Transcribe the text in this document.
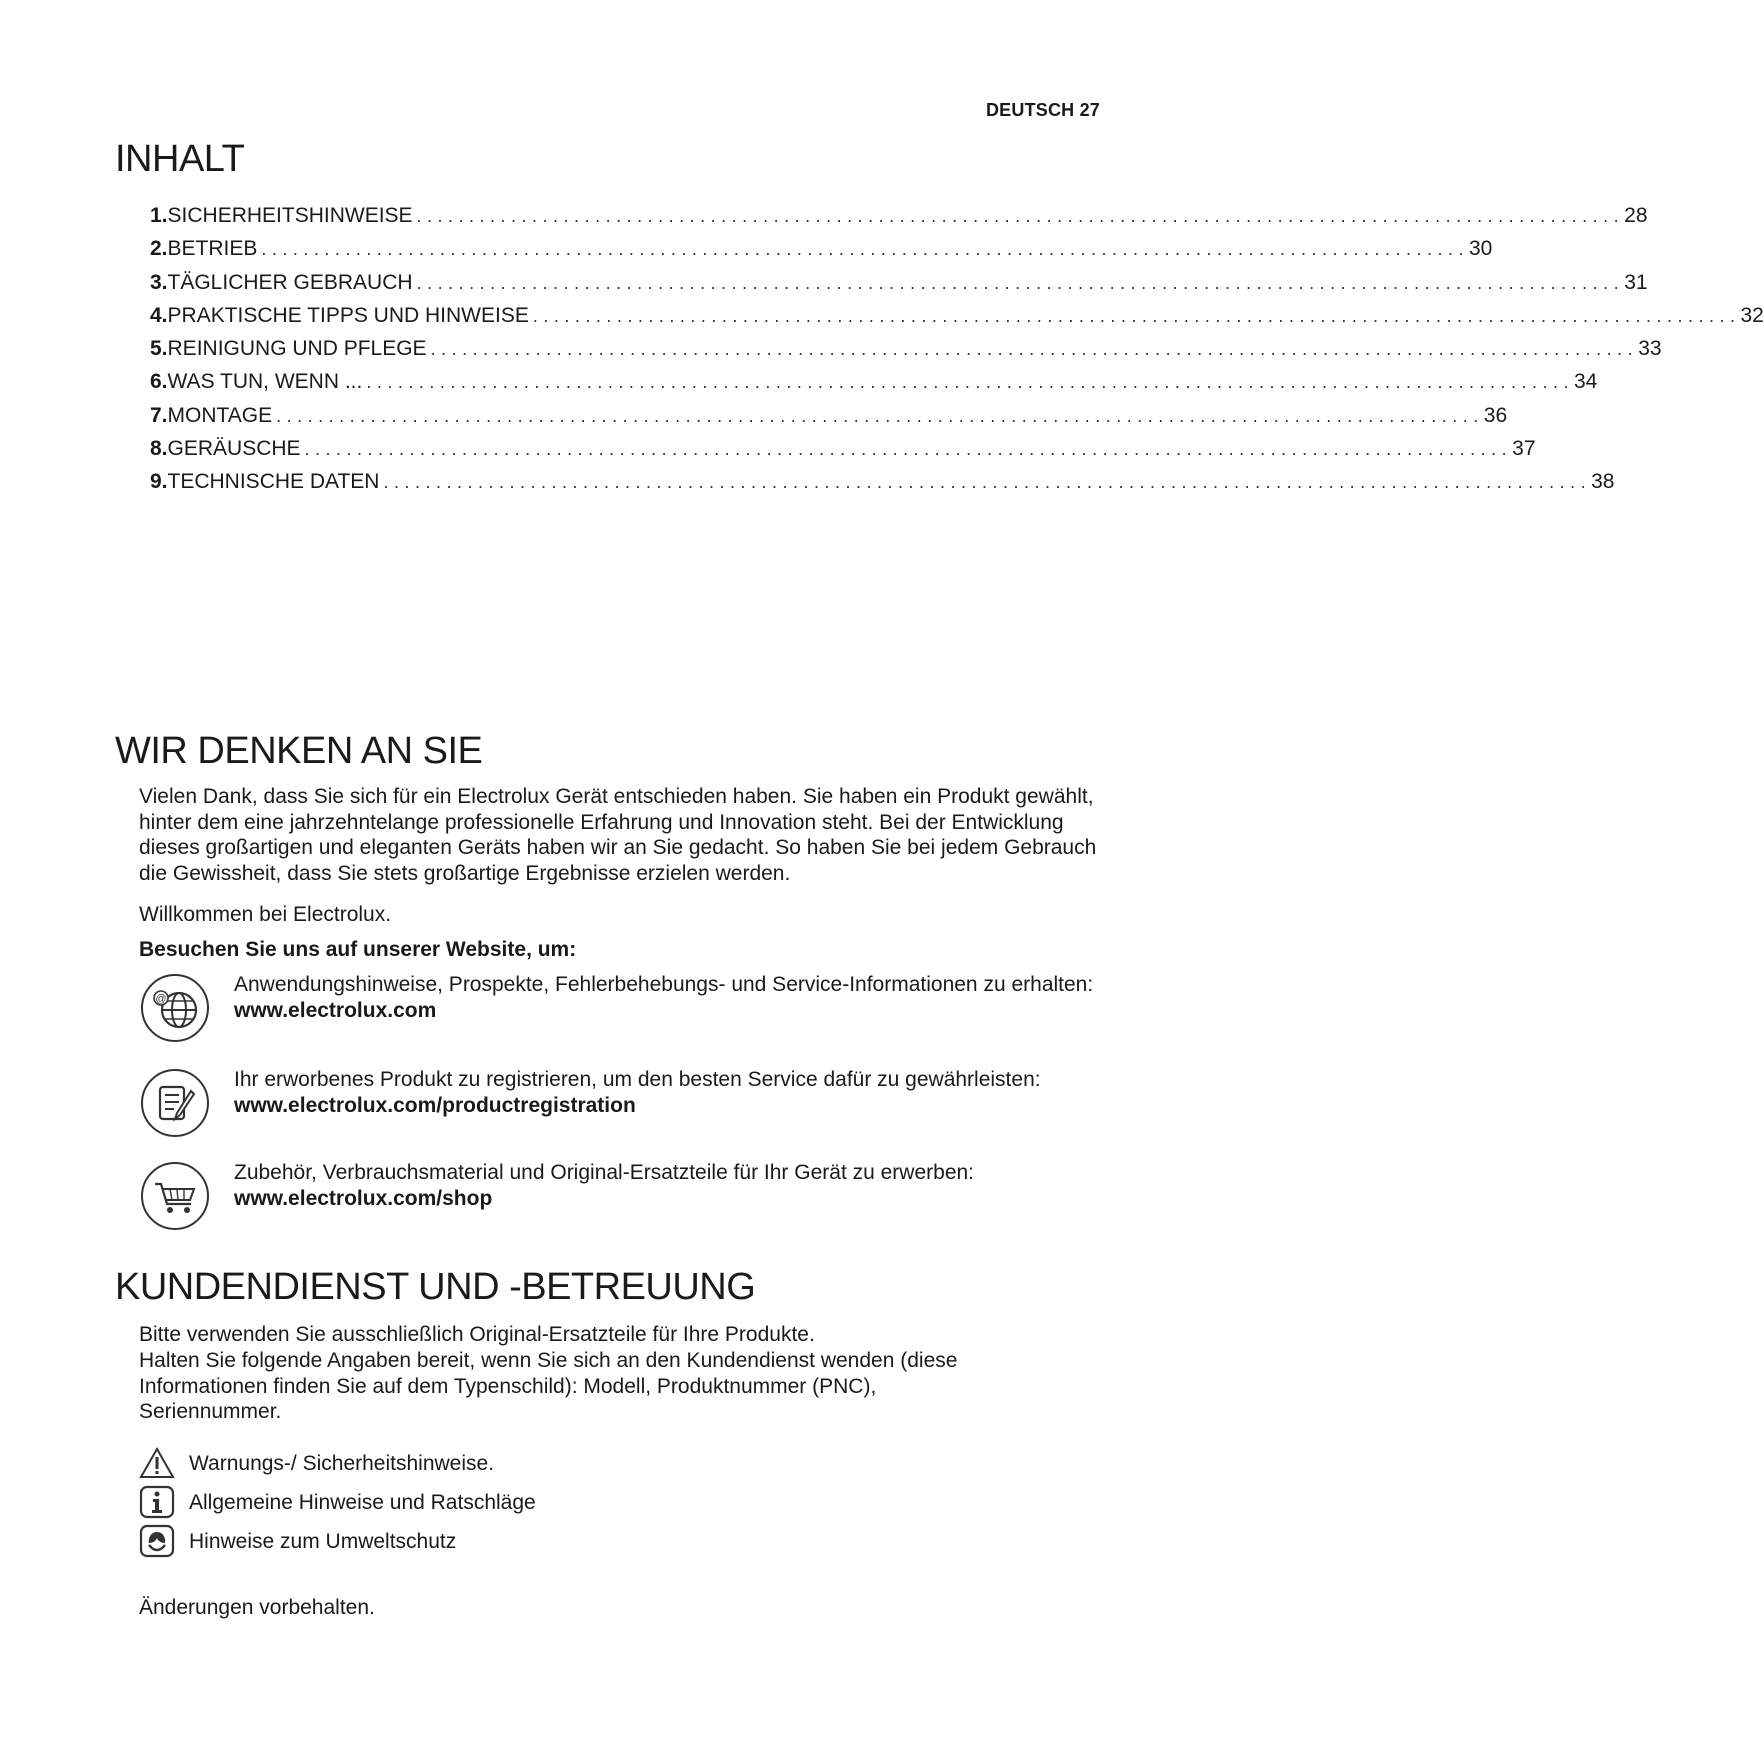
DEUTSCH 27
INHALT
1. SICHERHEITSHINWEISE ................................................................................................................... 28
2. BETRIEB ................................................................................................................... 30
3. TÄGLICHER GEBRAUCH ................................................................................................................... 31
4. PRAKTISCHE TIPPS UND HINWEISE ................................................................................................................... 32
5. REINIGUNG UND PFLEGE ................................................................................................................... 33
6. WAS TUN, WENN ... ................................................................................................................... 34
7. MONTAGE ................................................................................................................... 36
8. GERÄUSCHE ................................................................................................................... 37
9. TECHNISCHE DATEN ................................................................................................................... 38
WIR DENKEN AN SIE

Vielen Dank, dass Sie sich für ein Electrolux Gerät entschieden haben. Sie haben ein Produkt gewählt, hinter dem eine jahrzehntelange professionelle Erfahrung und Innovation steht. Bei der Entwicklung dieses großartigen und eleganten Geräts haben wir an Sie gedacht. So haben Sie bei jedem Gebrauch die Gewissheit, dass Sie stets großartige Ergebnisse erzielen werden.

Willkommen bei Electrolux.

Besuchen Sie uns auf unserer Website, um:

@
Anwendungshinweise, Prospekte, Fehlerbehebungs- und Service-Informationen zu erhalten:
www.electrolux.com
Ihr erworbenes Produkt zu registrieren, um den besten Service dafür zu gewährleisten:
www.electrolux.com/productregistration
Zubehör, Verbrauchsmaterial und Original-Ersatzteile für Ihr Gerät zu erwerben:
www.electrolux.com/shop
KUNDENDIENST UND -BETREUUNG

Bitte verwenden Sie ausschließlich Original-Ersatzteile für Ihre Produkte.

Halten Sie folgende Angaben bereit, wenn Sie sich an den Kundendienst wenden (diese Informationen finden Sie auf dem Typenschild): Modell, Produktnummer (PNC), Seriennummer.

Warnungs-/ Sicherheitshinweise.
Allgemeine Hinweise und Ratschläge
Hinweise zum Umweltschutz

Änderungen vorbehalten.
